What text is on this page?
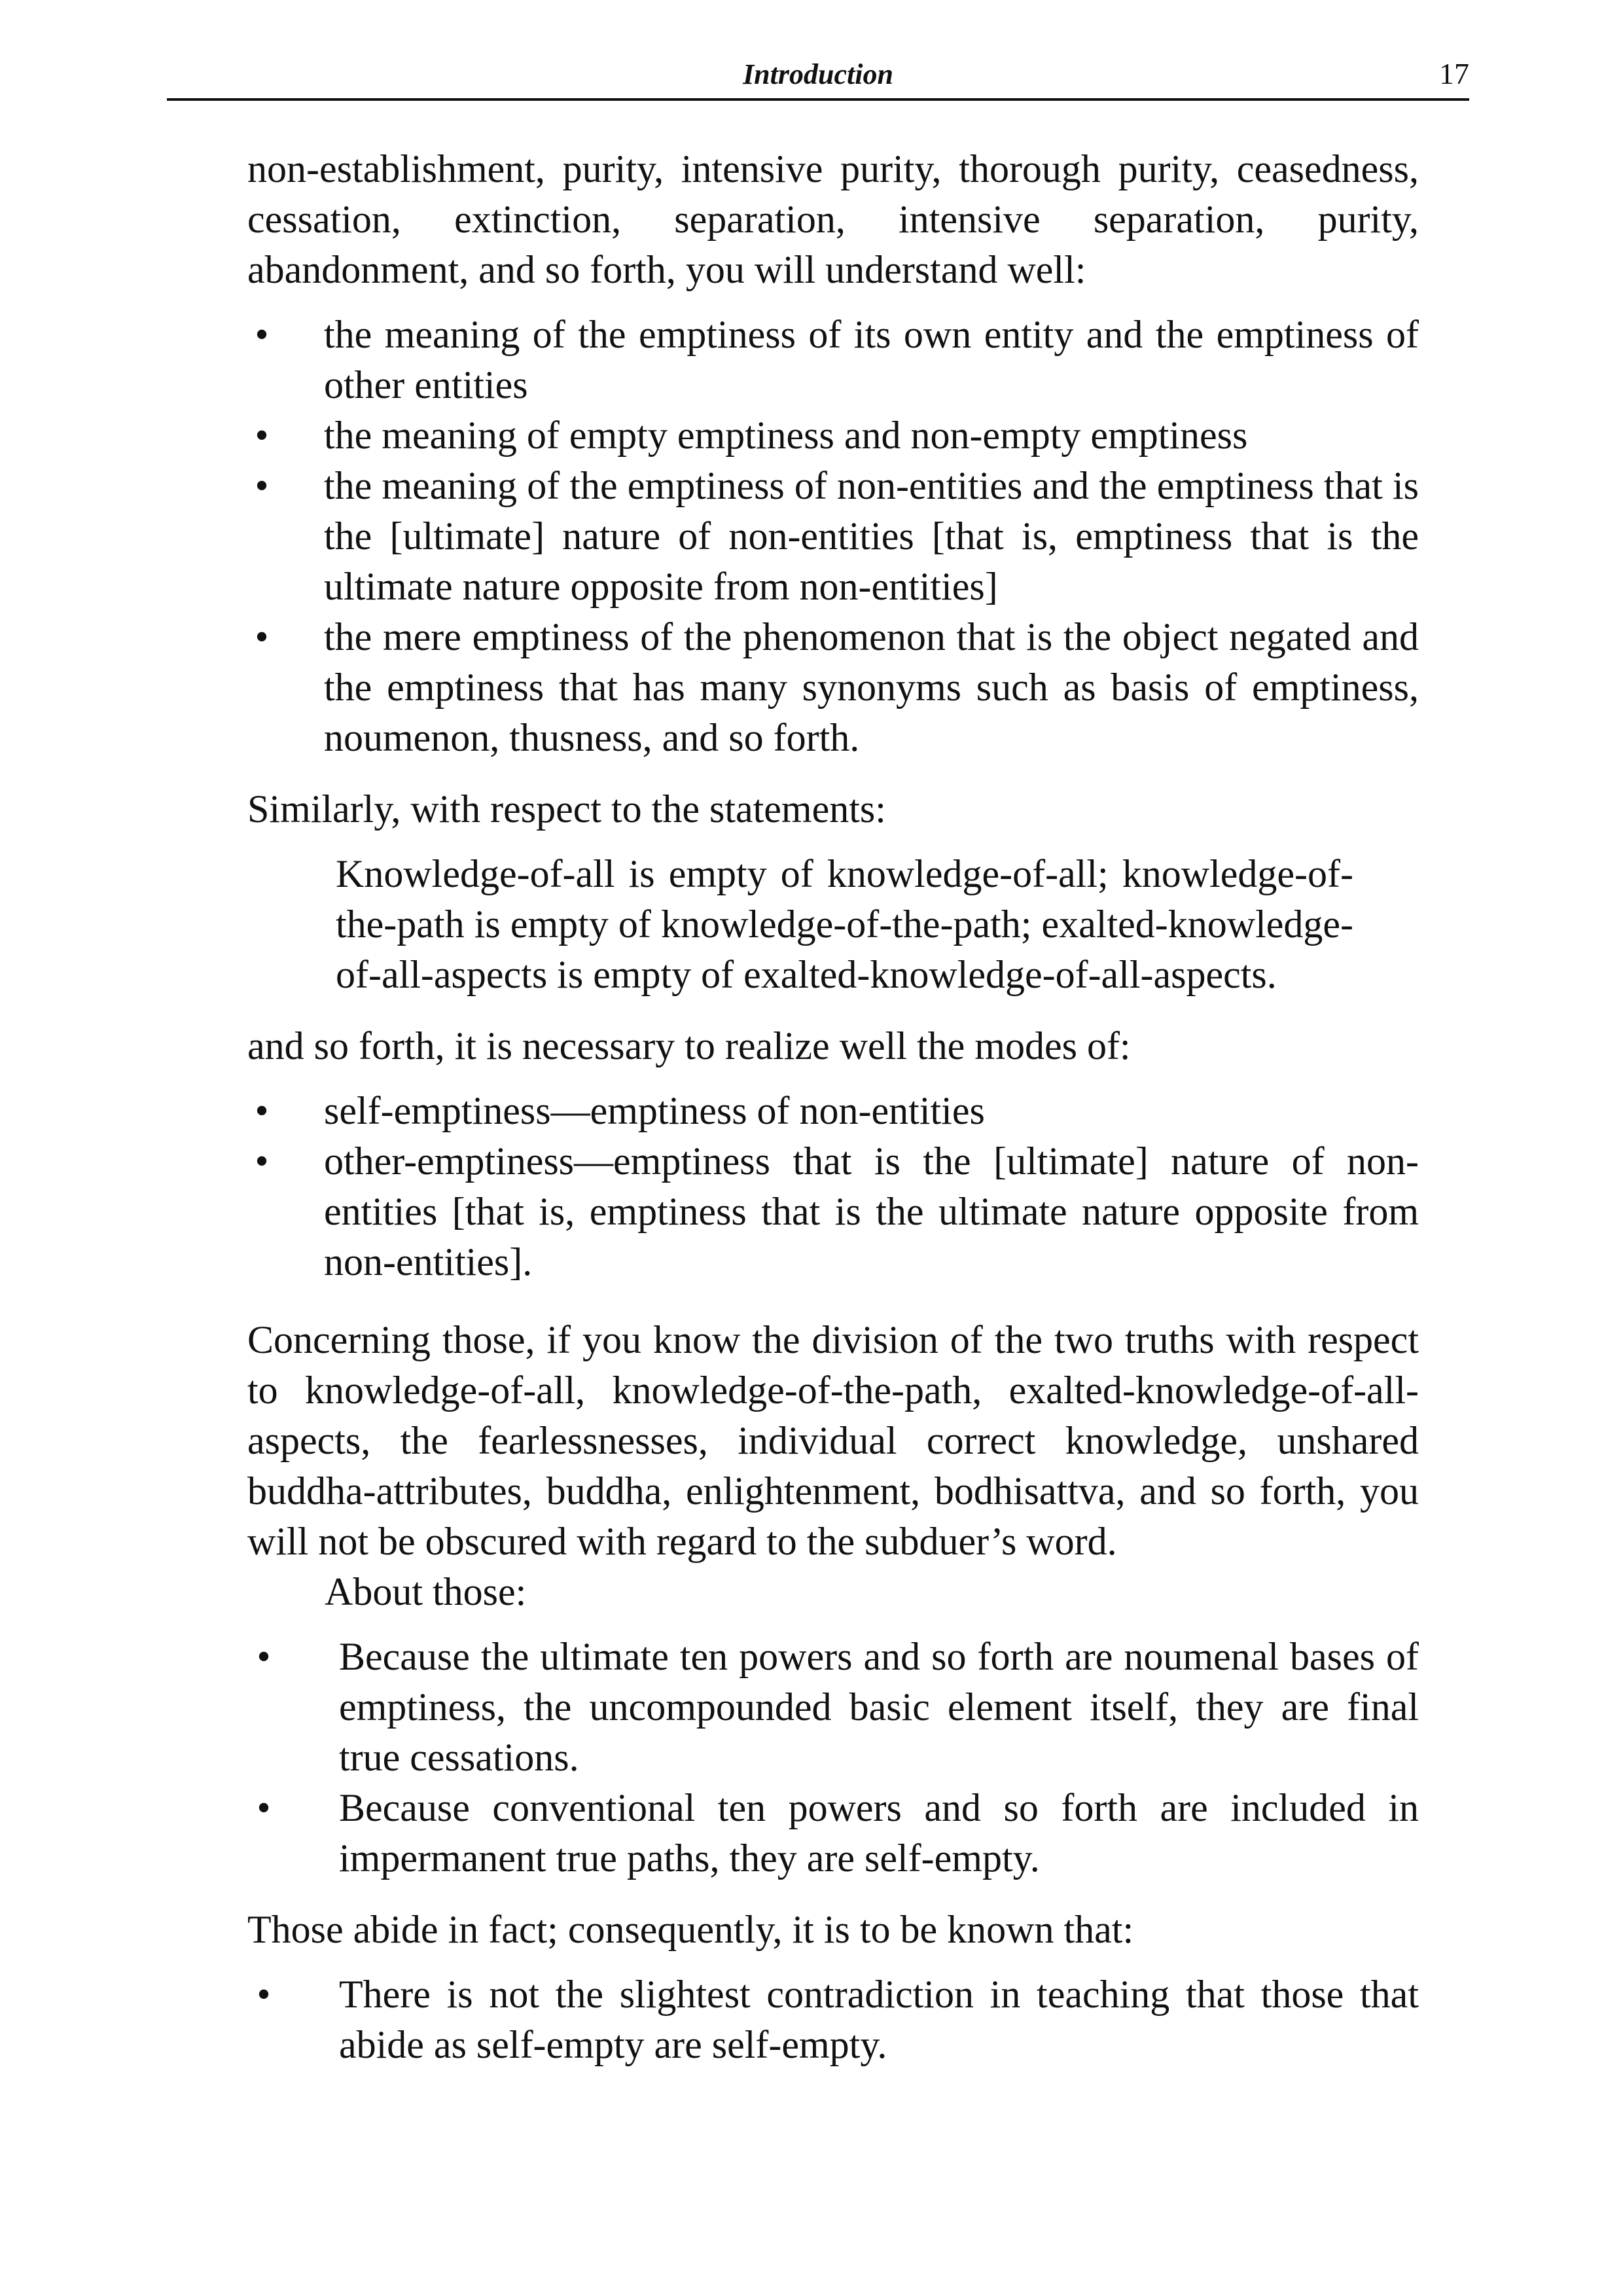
Introduction	17

non-establishment, purity, intensive purity, thorough purity, ceasedness, cessation, extinction, separation, intensive separation, purity, abandonment, and so forth, you will understand well:

• the meaning of the emptiness of its own entity and the emptiness of other entities
• the meaning of empty emptiness and non-empty emptiness
• the meaning of the emptiness of non-entities and the emptiness that is the [ultimate] nature of non-entities [that is, emptiness that is the ultimate nature opposite from non-entities]
• the mere emptiness of the phenomenon that is the object negated and the emptiness that has many synonyms such as basis of emptiness, noumenon, thusness, and so forth.

Similarly, with respect to the statements:

Knowledge-of-all is empty of knowledge-of-all; knowledge-of-the-path is empty of knowledge-of-the-path; exalted-knowledge-of-all-aspects is empty of exalted-knowledge-of-all-aspects.

and so forth, it is necessary to realize well the modes of:

• self-emptiness—emptiness of non-entities
• other-emptiness—emptiness that is the [ultimate] nature of non-entities [that is, emptiness that is the ultimate nature opposite from non-entities].

Concerning those, if you know the division of the two truths with respect to knowledge-of-all, knowledge-of-the-path, exalted-knowledge-of-all-aspects, the fearlessnesses, individual correct knowledge, unshared buddha-attributes, buddha, enlightenment, bodhisattva, and so forth, you will not be obscured with regard to the subduer’s word.

About those:

• Because the ultimate ten powers and so forth are noumenal bases of emptiness, the uncompounded basic element itself, they are final true cessations.
• Because conventional ten powers and so forth are included in impermanent true paths, they are self-empty.

Those abide in fact; consequently, it is to be known that:

• There is not the slightest contradiction in teaching that those that abide as self-empty are self-empty.
